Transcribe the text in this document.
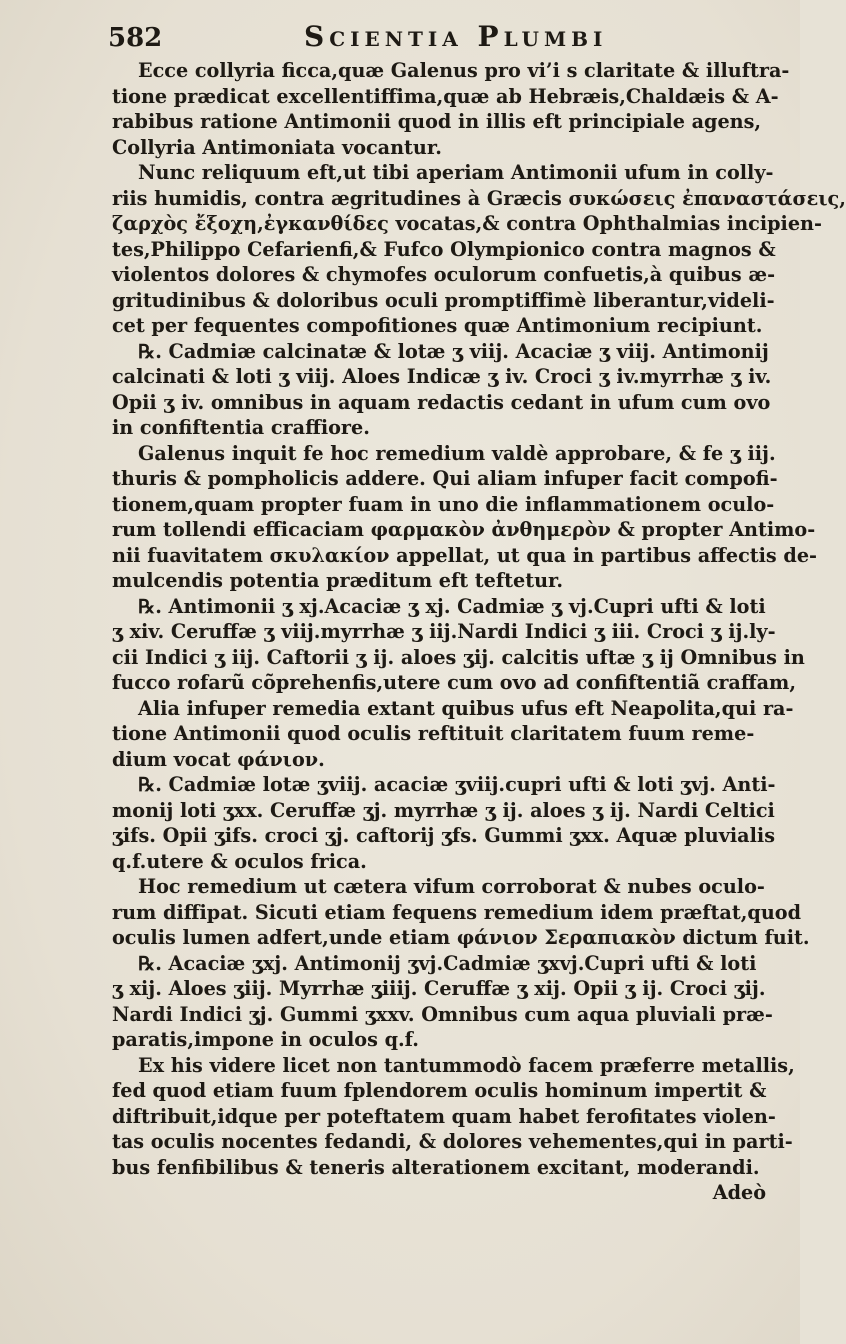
582	Scientia Plumbi
Ecce collyria ficca,quæ Galenus pro vi’i s claritate & illuftra-
tione prædicat excellentiffima,quæ ab Hebræis,Chaldæis & A-
rabibus ratione Antimonii quod in illis eft principiale agens,
Collyria Antimoniata vocantur.
Nunc reliquum eft,ut tibi aperiam Antimonii ufum in colly-
riis humidis, contra ægritudines à Græcis συκώσεις ἐπαναστάσεις,
ζαρχὸς ἔξοχη,ἐγκανθίδες vocatas,& contra Ophthalmias incipien-
tes,Philippo Cefarienfi,& Fufco Olympionico contra magnos &
violentos dolores & chymofes oculorum confuetis,à quibus æ-
gritudinibus & doloribus oculi promptiffimè liberantur,videli-
cet per fequentes compofitiones quæ Antimonium recipiunt.
℞. Cadmiæ calcinatæ & lotæ ʒ viij. Acaciæ ʒ viij. Antimonij
calcinati & loti ʒ viij. Aloes Indicæ ʒ iv. Croci ʒ iv.myrrhæ ʒ iv.
Opii ʒ iv. omnibus in aquam redactis cedant in ufum cum ovo
in confiftentia craffiore.
Galenus inquit fe hoc remedium valdè approbare, & fe ʒ iij.
thuris & pompholicis addere. Qui aliam infuper facit compofi-
tionem,quam propter fuam in uno die inflammationem oculo-
rum tollendi efficaciam φαρμακὸν ἀνθημερὸν & propter Antimo-
nii fuavitatem σκυλακίον appellat, ut qua in partibus affectis de-
mulcendis potentia præditum eft teftetur.
℞. Antimonii ʒ xj.Acaciæ ʒ xj. Cadmiæ ʒ vj.Cupri ufti & loti
ʒ xiv. Ceruffæ ʒ viij.myrrhæ ʒ iij.Nardi Indici ʒ iii. Croci ʒ ij.ly-
cii Indici ʒ iij. Caftorii ʒ ij. aloes ʒij. calcitis uftæ ʒ ij Omnibus in
fucco rofarũ cõprehenfis,utere cum ovo ad confiftentiã craffam,
Alia infuper remedia extant quibus ufus eft Neapolita,qui ra-
tione Antimonii quod oculis reftituit claritatem fuum reme-
dium vocat φάνιον.
℞. Cadmiæ lotæ ʒviij. acaciæ ʒviij.cupri ufti & loti ʒvj. Anti-
monij loti ʒxx. Ceruffæ ʒj. myrrhæ ʒ ij. aloes ʒ ij. Nardi Celtici
ʒifs. Opii ʒifs. croci ʒj. caftorij ʒfs. Gummi ʒxx. Aquæ pluvialis
q.f.utere & oculos frica.
Hoc remedium ut cætera vifum corroborat & nubes oculo-
rum diffipat. Sicuti etiam fequens remedium idem præftat,quod
oculis lumen adfert,unde etiam φάνιον Σεραπιακὸν dictum fuit.
℞. Acaciæ ʒxj. Antimonij ʒvj.Cadmiæ ʒxvj.Cupri ufti & loti
ʒ xij. Aloes ʒiij. Myrrhæ ʒiiij. Ceruffæ ʒ xij. Opii ʒ ij. Croci ʒij.
Nardi Indici ʒj. Gummi ʒxxv. Omnibus cum aqua pluviali præ-
paratis,impone in oculos q.f.
Ex his videre licet non tantummodò facem præferre metallis,
fed quod etiam fuum fplendorem oculis hominum impertit &
diftribuit,idque per poteftatem quam habet ferofitates violen-
tas oculis nocentes fedandi, & dolores vehementes,qui in parti-
bus fenfibilibus & teneris alterationem excitant, moderandi.
Adeò
